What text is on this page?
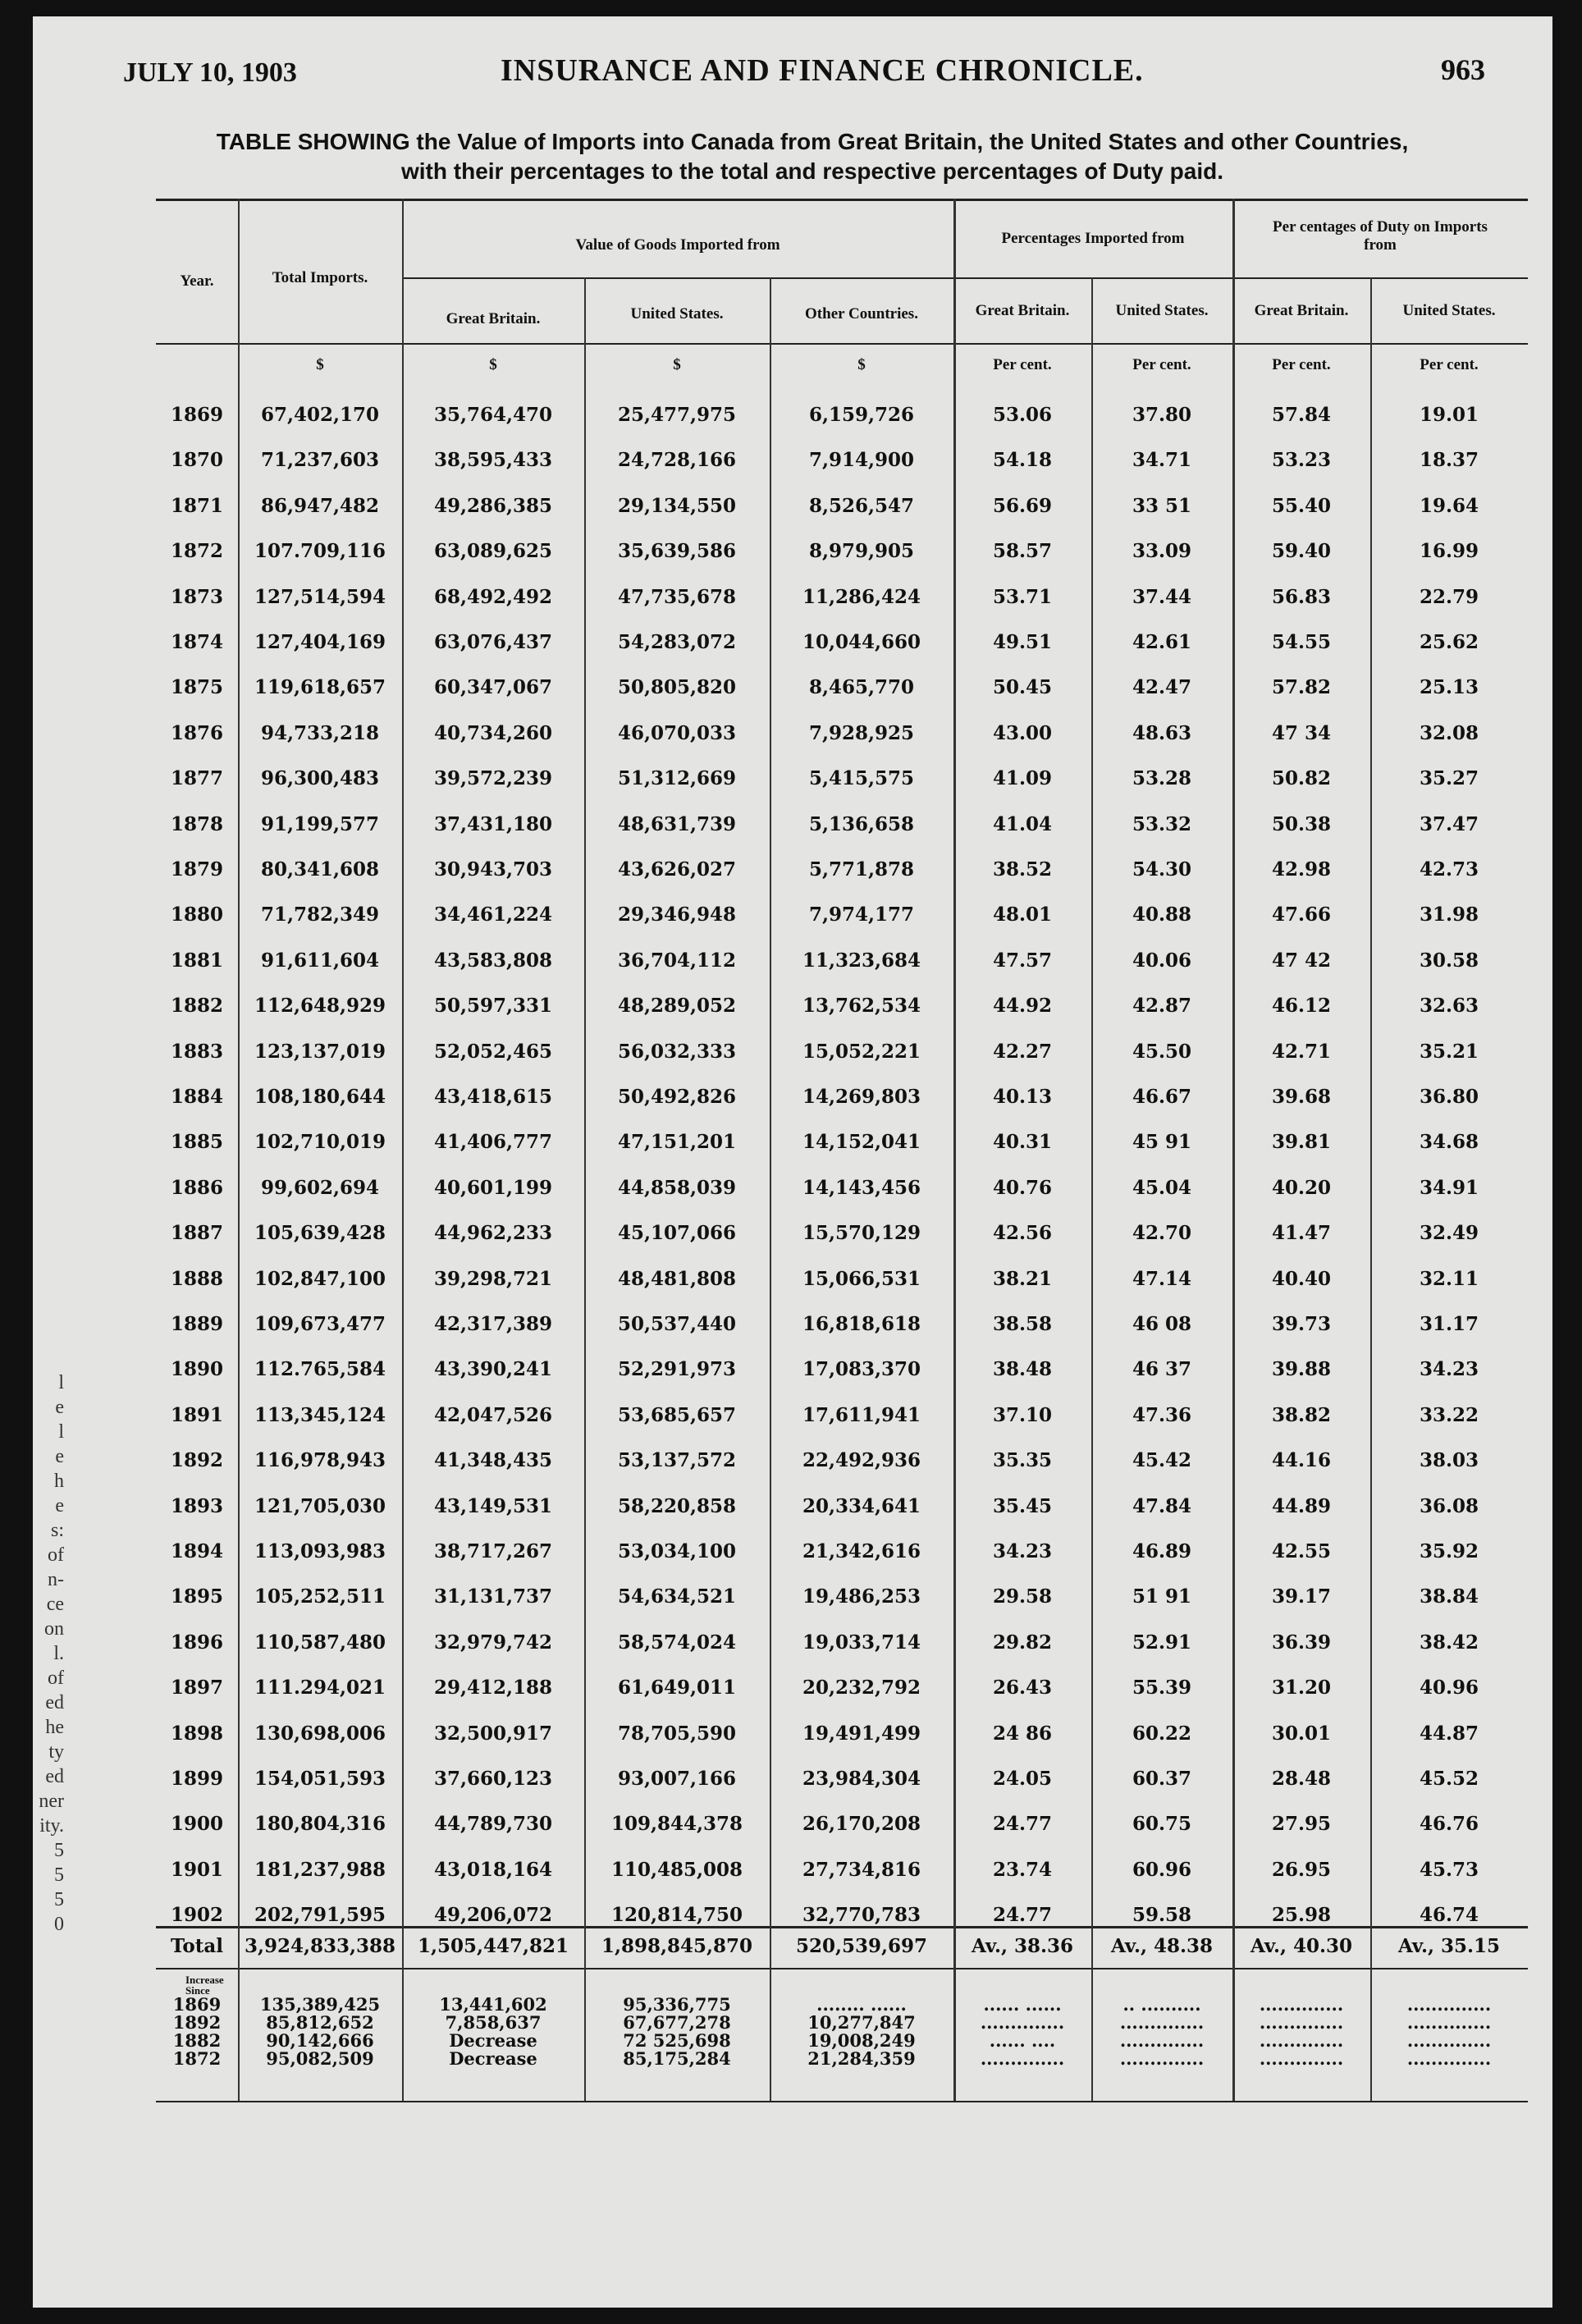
JULY 10, 1903	INSURANCE AND FINANCE CHRONICLE.	963
TABLE SHOWING the Value of Imports into Canada from Great Britain, the United States and other Countries,
with their percentages to the total and respective percentages of Duty paid.
Year.	Total Imports.
Value of Goods Imported from	Percentages Imported from
Per centages of Duty on Imports from
Great Britain.	United States.	Other Countries.	Great Britain.	United States.	Great Britain.	United States.
$	$	$	$	Per cent.	Per cent.	Per cent.	Per cent.
1869	67,402,170	35,764,470	25,477,975	6,159,726	53.06	37.80	57.84	19.01
1870	71,237,603	38,595,433	24,728,166	7,914,900	54.18	34.71	53.23	18.37
1871	86,947,482	49,286,385	29,134,550	8,526,547	56.69	33 51	55.40	19.64
1872	107.709,116	63,089,625	35,639,586	8,979,905	58.57	33.09	59.40	16.99
1873	127,514,594	68,492,492	47,735,678	11,286,424	53.71	37.44	56.83	22.79
1874	127,404,169	63,076,437	54,283,072	10,044,660	49.51	42.61	54.55	25.62
1875	119,618,657	60,347,067	50,805,820	8,465,770	50.45	42.47	57.82	25.13
1876	94,733,218	40,734,260	46,070,033	7,928,925	43.00	48.63	47 34	32.08
1877	96,300,483	39,572,239	51,312,669	5,415,575	41.09	53.28	50.82	35.27
1878	91,199,577	37,431,180	48,631,739	5,136,658	41.04	53.32	50.38	37.47
1879	80,341,608	30,943,703	43,626,027	5,771,878	38.52	54.30	42.98	42.73
1880	71,782,349	34,461,224	29,346,948	7,974,177	48.01	40.88	47.66	31.98
1881	91,611,604	43,583,808	36,704,112	11,323,684	47.57	40.06	47 42	30.58
1882	112,648,929	50,597,331	48,289,052	13,762,534	44.92	42.87	46.12	32.63
1883	123,137,019	52,052,465	56,032,333	15,052,221	42.27	45.50	42.71	35.21
1884	108,180,644	43,418,615	50,492,826	14,269,803	40.13	46.67	39.68	36.80
1885	102,710,019	41,406,777	47,151,201	14,152,041	40.31	45 91	39.81	34.68
1886	99,602,694	40,601,199	44,858,039	14,143,456	40.76	45.04	40.20	34.91
1887	105,639,428	44,962,233	45,107,066	15,570,129	42.56	42.70	41.47	32.49
1888	102,847,100	39,298,721	48,481,808	15,066,531	38.21	47.14	40.40	32.11
1889	109,673,477	42,317,389	50,537,440	16,818,618	38.58	46 08	39.73	31.17
1890	112.765,584	43,390,241	52,291,973	17,083,370	38.48	46 37	39.88	34.23
1891	113,345,124	42,047,526	53,685,657	17,611,941	37.10	47.36	38.82	33.22
1892	116,978,943	41,348,435	53,137,572	22,492,936	35.35	45.42	44.16	38.03
1893	121,705,030	43,149,531	58,220,858	20,334,641	35.45	47.84	44.89	36.08
1894	113,093,983	38,717,267	53,034,100	21,342,616	34.23	46.89	42.55	35.92
1895	105,252,511	31,131,737	54,634,521	19,486,253	29.58	51 91	39.17	38.84
1896	110,587,480	32,979,742	58,574,024	19,033,714	29.82	52.91	36.39	38.42
1897	111.294,021	29,412,188	61,649,011	20,232,792	26.43	55.39	31.20	40.96
1898	130,698,006	32,500,917	78,705,590	19,491,499	24 86	60.22	30.01	44.87
1899	154,051,593	37,660,123	93,007,166	23,984,304	24.05	60.37	28.48	45.52
1900	180,804,316	44,789,730	109,844,378	26,170,208	24.77	60.75	27.95	46.76
1901	181,237,988	43,018,164	110,485,008	27,734,816	23.74	60.96	26.95	45.73
1902	202,791,595	49,206,072	120,814,750	32,770,783	24.77	59.58	25.98	46.74
Total	3,924,833,388	1,505,447,821	1,898,845,870	520,539,697	Av., 38.36	Av., 48.38	Av., 40.30	Av., 35.15
Increase Since
1869	135,389,425	13,441,602	95,336,775	........ ......	...... ......	.. ..........	..............	..............
1892	85,812,652	7,858,637	67,677,278	10,277,847	..............	..............	..............	..............
1882	90,142,666	Decrease	72 525,698	19,008,249	...... ....	..............	..............	..............
1872	95,082,509	Decrease	85,175,284	21,284,359	..............	..............	..............	..............
l
e
l
e
h
e
s:
of
n-
ce
on
l.
of
ed
he
ty
ed
ner
ity.
5
5
5
0
